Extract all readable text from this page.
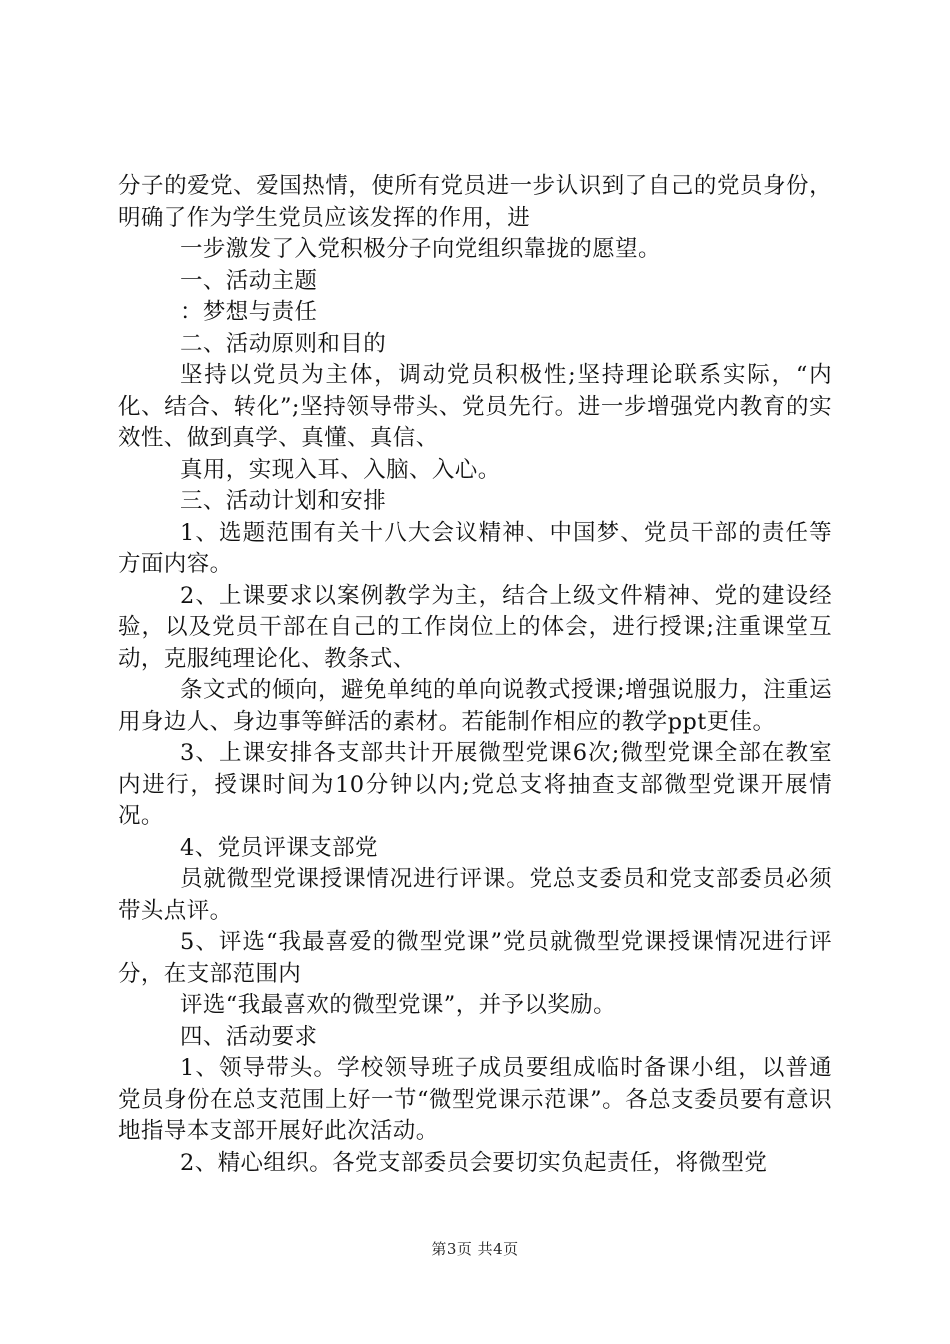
分子的爱党、爱国热情，使所有党员进一步认识到了自己的党员身份，明确了作为学生党员应该发挥的作用，进

一步激发了入党积极分子向党组织靠拢的愿望。

一、活动主题

：梦想与责任

二、活动原则和目的

坚持以党员为主体，调动党员积极性;坚持理论联系实际，“内化、结合、转化”;坚持领导带头、党员先行。进一步增强党内教育的实效性、做到真学、真懂、真信、

真用，实现入耳、入脑、入心。

三、活动计划和安排

1、选题范围有关十八大会议精神、中国梦、党员干部的责任等方面内容。

2、上课要求以案例教学为主，结合上级文件精神、党的建设经验，以及党员干部在自己的工作岗位上的体会，进行授课;注重课堂互动，克服纯理论化、教条式、

条文式的倾向，避免单纯的单向说教式授课;增强说服力，注重运用身边人、身边事等鲜活的素材。若能制作相应的教学ppt更佳。

3、上课安排各支部共计开展微型党课6次;微型党课全部在教室内进行，授课时间为10分钟以内;党总支将抽查支部微型党课开展情况。

4、党员评课支部党

员就微型党课授课情况进行评课。党总支委员和党支部委员必须带头点评。

5、评选“我最喜爱的微型党课”党员就微型党课授课情况进行评分，在支部范围内

评选“我最喜欢的微型党课”，并予以奖励。

四、活动要求

1、领导带头。学校领导班子成员要组成临时备课小组，以普通党员身份在总支范围上好一节“微型党课示范课”。各总支委员要有意识地指导本支部开展好此次活动。

2、精心组织。各党支部委员会要切实负起责任，将微型党

第3页 共4页
